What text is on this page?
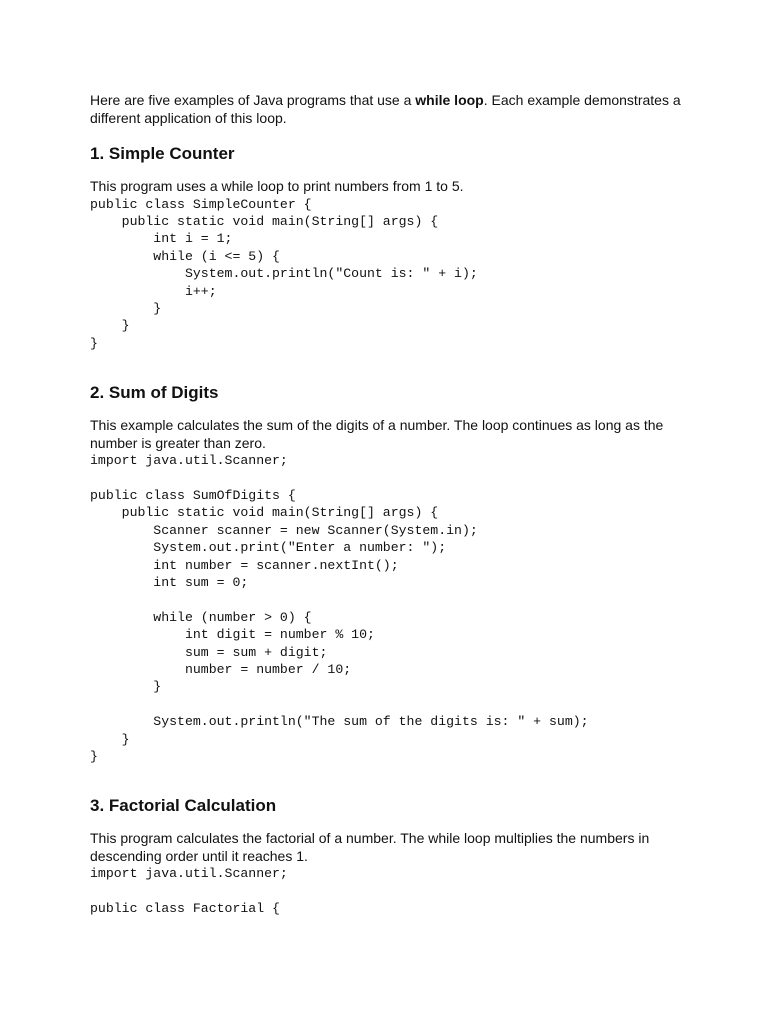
Here are five examples of Java programs that use a while loop. Each example demonstrates a different application of this loop.

1. Simple Counter

This program uses a while loop to print numbers from 1 to 5.

public class SimpleCounter {
public static void main(String[] args) {
int i = 1;
while (i <= 5) {
System.out.println("Count is: " + i);
i++;
}
}
}
2. Sum of Digits

This example calculates the sum of the digits of a number. The loop continues as long as the number is greater than zero.

import java.util.Scanner;

public class SumOfDigits {
public static void main(String[] args) {
Scanner scanner = new Scanner(System.in);
System.out.print("Enter a number: ");
int number = scanner.nextInt();
int sum = 0;

while (number > 0) {
int digit = number % 10;
sum = sum + digit;
number = number / 10;
}

System.out.println("The sum of the digits is: " + sum);
}
}
3. Factorial Calculation

This program calculates the factorial of a number. The while loop multiplies the numbers in descending order until it reaches 1.

import java.util.Scanner;

public class Factorial {
